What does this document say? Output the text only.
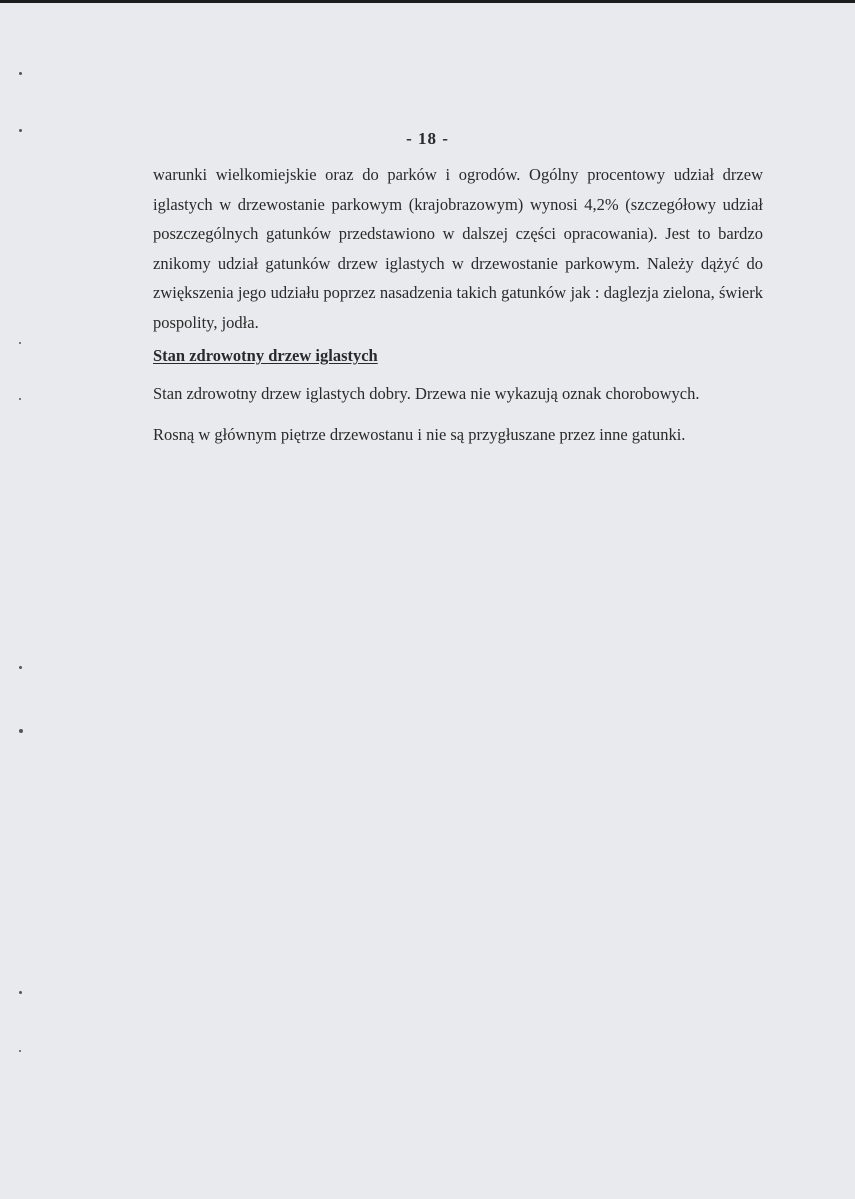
- 18 -

warunki wielkomiejskie oraz do parków i ogrodów. Ogólny procentowy udział drzew iglastych w drzewostanie parkowym (krajobrazowym) wynosi 4,2% (szczegółowy udział poszczególnych gatunków przedstawiono w dalszej części opracowania). Jest to bardzo znikomy udział gatunków drzew iglastych w drzewostanie parkowym. Należy dążyć do zwiększenia jego udziału poprzez nasadzenia takich gatunków jak : daglezja zielona, świerk pospolity, jodła.

Stan zdrowotny drzew iglastych
Stan zdrowotny drzew iglastych dobry. Drzewa nie wykazują oznak chorobowych.
Rosną w głównym piętrze drzewostanu i nie są przygłuszane przez inne gatunki.
